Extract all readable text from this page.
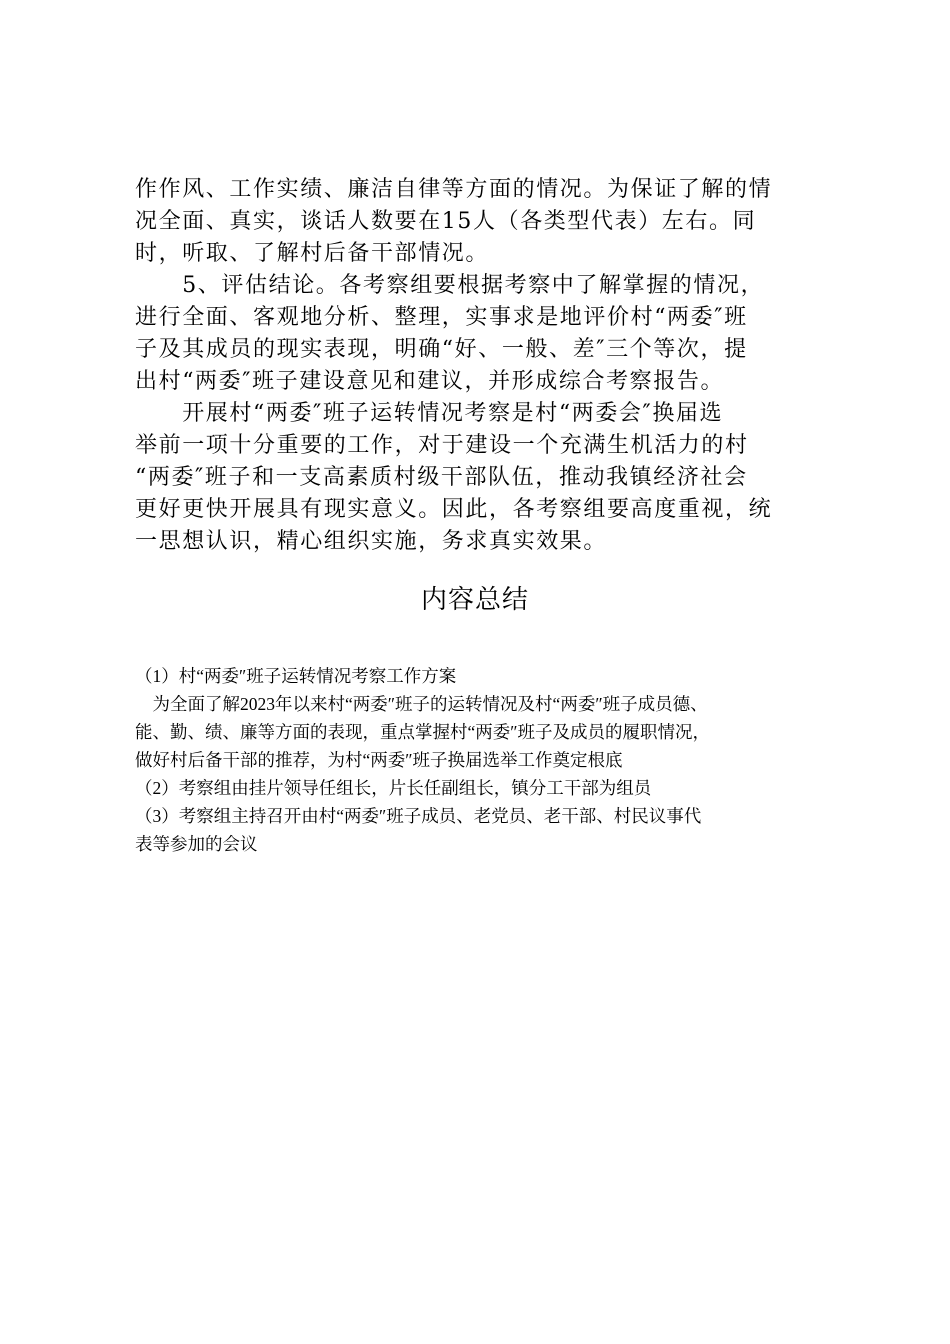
作作风、工作实绩、廉洁自律等方面的情况。为保证了解的情
况全面、真实，谈话人数要在15人（各类型代表）左右。同
时，听取、了解村后备干部情况。
　　5、评估结论。各考察组要根据考察中了解掌握的情况，
进行全面、客观地分析、整理，实事求是地评价村“两委″班
子及其成员的现实表现，明确“好、一般、差″三个等次，提
出村“两委″班子建设意见和建议，并形成综合考察报告。
　　开展村“两委″班子运转情况考察是村“两委会″换届选
举前一项十分重要的工作，对于建设一个充满生机活力的村
“两委″班子和一支高素质村级干部队伍，推动我镇经济社会
更好更快开展具有现实意义。因此，各考察组要高度重视，统
一思想认识，精心组织实施，务求真实效果。
内容总结
（1）村“两委″班子运转情况考察工作方案
　为全面了解2023年以来村“两委″班子的运转情况及村“两委″班子成员德、
能、勤、绩、廉等方面的表现，重点掌握村“两委″班子及成员的履职情况，
做好村后备干部的推荐，为村“两委″班子换届选举工作奠定根底
（2）考察组由挂片领导任组长，片长任副组长，镇分工干部为组员
（3）考察组主持召开由村“两委″班子成员、老党员、老干部、村民议事代
表等参加的会议
